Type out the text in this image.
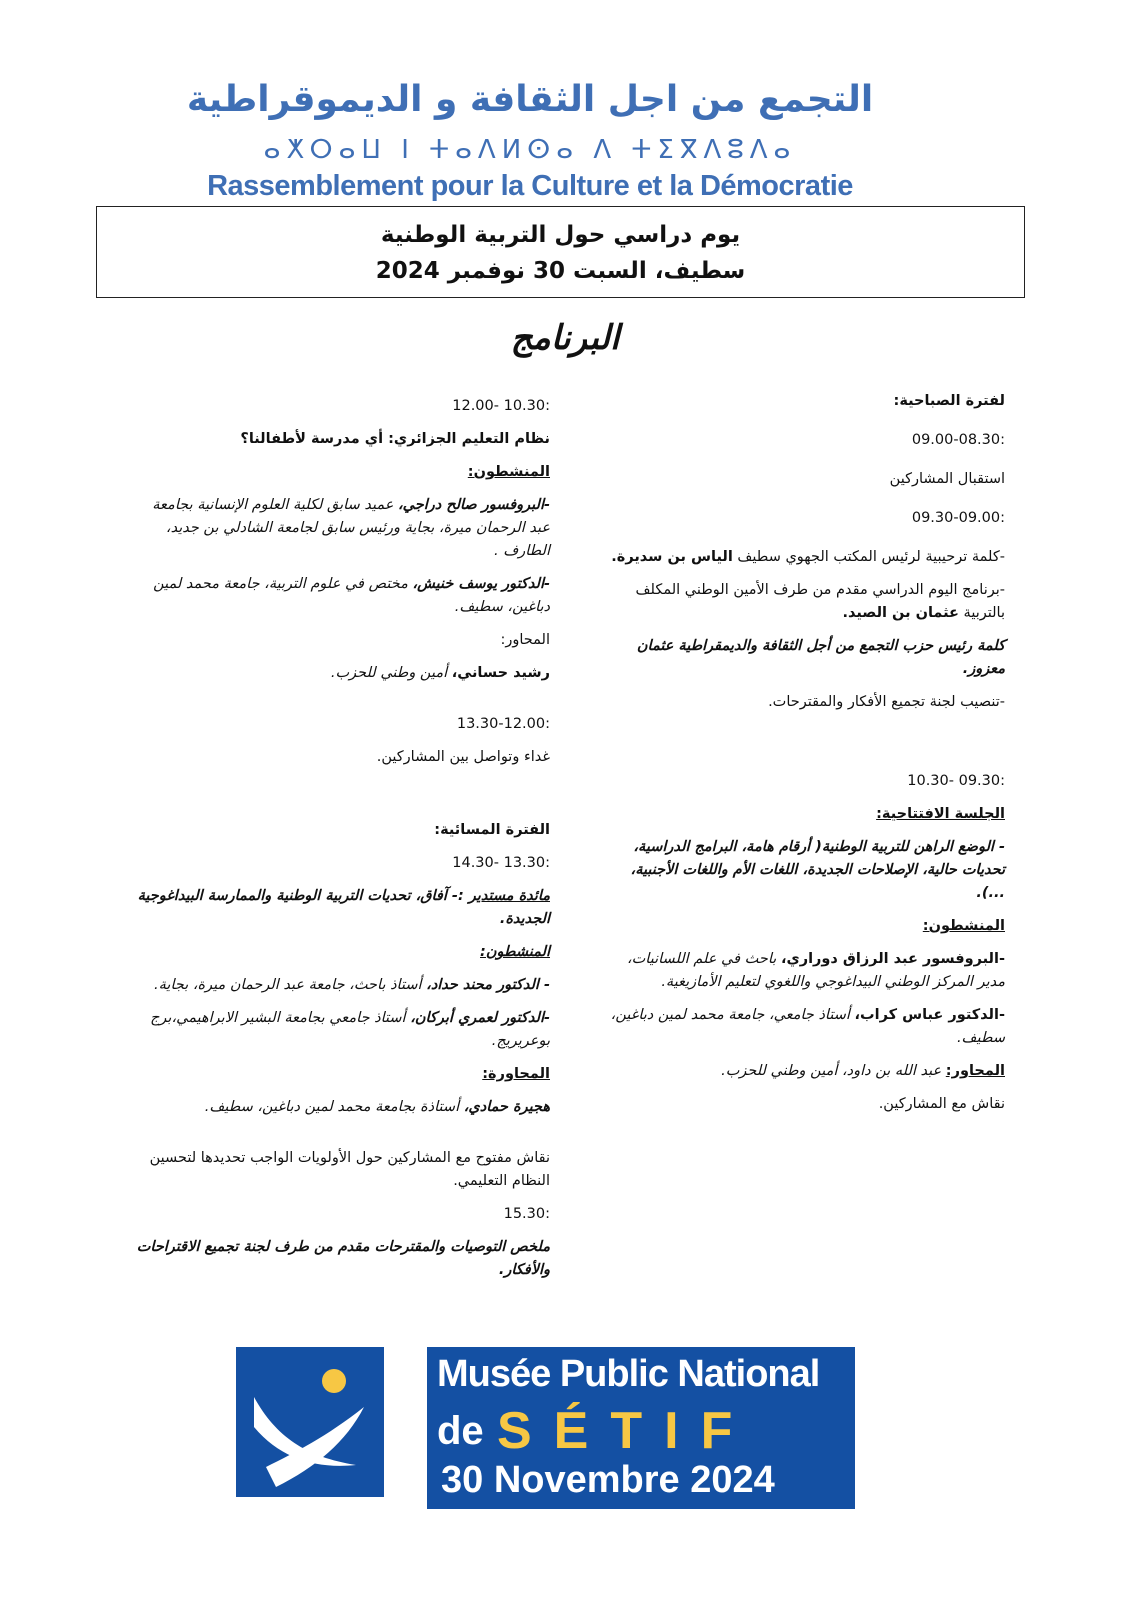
التجمع من اجل الثقافة و الديموقراطية
ⴰⵅⵔⴰⵡ ⵏ ⵜⴰⴷⵍⵙⴰ ⴷ ⵜⵉⴳⴷⵓⴷⴰ
Rassemblement pour la Culture et la Démocratie
يوم دراسي حول التربية الوطنية
سطيف، السبت 30 نوفمبر 2024
البرنامج

لفترة الصباحية:

09.00-08.30:

استقبال المشاركين

09.30-09.00:

-كلمة ترحيبية لرئيس المكتب الجهوي سطيف الياس بن سديرة.

-برنامج اليوم الدراسي مقدم من طرف الأمين الوطني المكلف بالتربية عثمان بن الصيد.

كلمة رئيس حزب التجمع من أجل الثقافة والديمقراطية عثمان معزوز.

-تنصيب لجنة تجميع الأفكار والمقترحات.

10.30- 09.30:

الجلسة الافتتاحية:

- الوضع الراهن للتربية الوطنية( أرقام هامة، البرامج الدراسية، تحديات حالية، الإصلاحات الجديدة، اللغات الأم واللغات الأجنبية، ...).

المنشطون:

-البروفسور عبد الرزاق دوراري، باحث في علم اللسانيات، مدير المركز الوطني البيداغوجي واللغوي لتعليم الأمازيغية.

-الدكتور عباس كراب، أستاذ جامعي، جامعة محمد لمين دباغين، سطيف.

المحاور: عبد الله بن داود، أمين وطني للحزب.

نقاش مع المشاركين.

12.00- 10.30:

نظام التعليم الجزائري: أي مدرسة لأطفالنا؟

المنشطون:

-البروفسور صالح دراجي، عميد سابق لكلية العلوم الإنسانية بجامعة عبد الرحمان ميرة، بجاية ورئيس سابق لجامعة الشادلي بن جديد، الطارف .

-الدكتور يوسف خنيش، مختص في علوم التربية، جامعة محمد لمين دباغين، سطيف.

المحاور:

رشيد حساني، أمين وطني للحزب.

13.30-12.00:

غداء وتواصل بين المشاركين.

الفترة المسائية:

14.30- 13.30:

مائدة مستدير :- آفاق، تحديات التربية الوطنية والممارسة البيداغوجية الجديدة.

المنشطون:

- الدكتور محند حداد، أستاذ باحث، جامعة عبد الرحمان ميرة، بجاية.

-الدكتور لعمري أبركان، أستاذ جامعي بجامعة البشير الابراهيمي،برج بوعريريج.

المحاورة:

هجيرة حمادي، أستاذة بجامعة محمد لمين دباغين، سطيف.

نقاش مفتوح مع المشاركين حول الأولويات الواجب تحديدها لتحسين النظام التعليمي.

15.30:

ملخص التوصيات والمقترحات مقدم من طرف لجنة تجميع الاقتراحات والأفكار.

Musée Public National
de SÉTIF
30 Novembre 2024
